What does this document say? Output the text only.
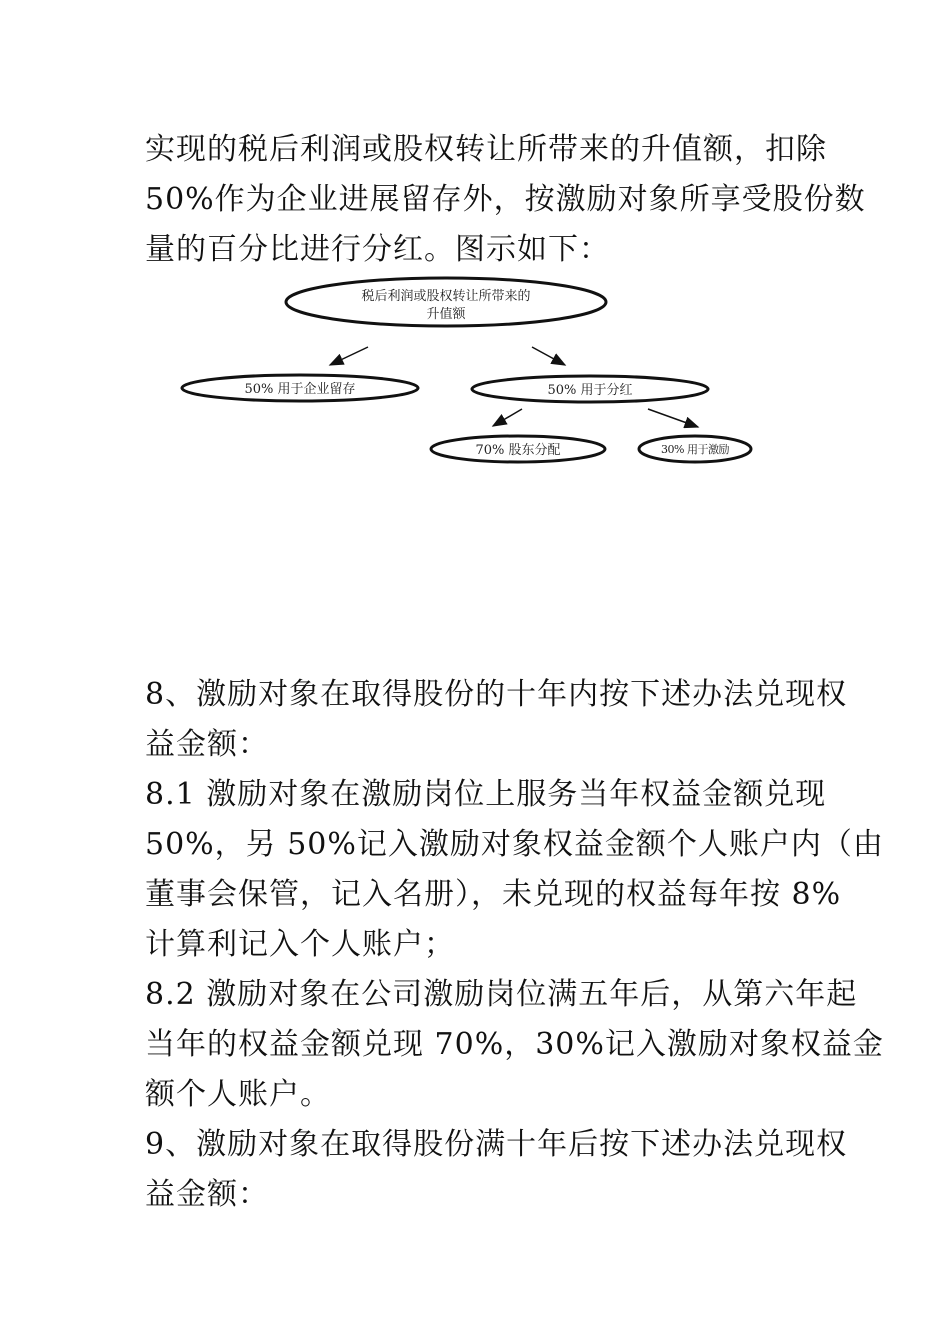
实现的税后利润或股权转让所带来的升值额，扣除
50%作为企业进展留存外，按激励对象所享受股份数
量的百分比进行分红。图示如下：
税后利润或股权转让所带来的
升值额
50% 用于企业留存	50% 用于分红
70% 股东分配	30% 用于激励
8、激励对象在取得股份的十年内按下述办法兑现权
益金额：
8.1 激励对象在激励岗位上服务当年权益金额兑现
50%，另 50%记入激励对象权益金额个人账户内（由
董事会保管，记入名册），未兑现的权益每年按 8%
计算利记入个人账户；
8.2 激励对象在公司激励岗位满五年后，从第六年起
当年的权益金额兑现 70%，30%记入激励对象权益金
额个人账户。
9、激励对象在取得股份满十年后按下述办法兑现权
益金额：
